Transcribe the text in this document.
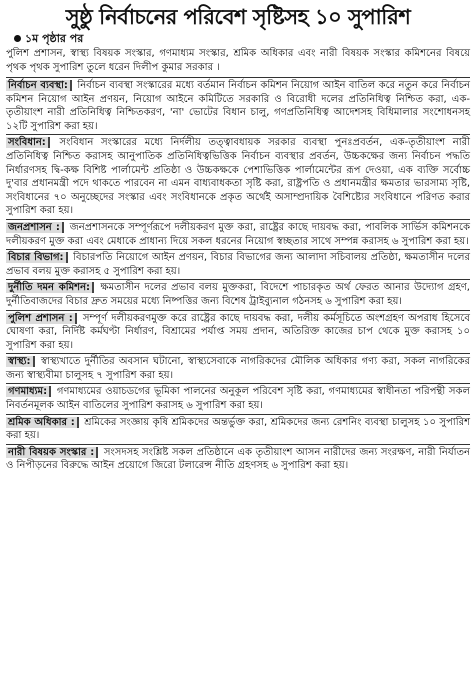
সুষ্ঠু নির্বাচনের পরিবেশ সৃষ্টিসহ ১০ সুপারিশ
১ম পৃষ্ঠার পর

পুলিশ প্রশাসন, স্বাস্থ্য বিষয়ক সংস্কার, গণমাধ্যম সংস্কার, শ্রমিক অধিকার এবং নারী বিষয়ক সংস্কার কমিশনের বিষয়ে পৃথক পৃথক সুপারিশ তুলে ধরেন দিলীপ কুমার সরকার ।

নির্বাচন ব্যবস্থা: নির্বাচন ব্যবস্থা সংস্কারের মধ্যে বর্তমান নির্বাচন কমিশন নিয়োগ আইন বাতিল করে নতুন করে নির্বাচন কমিশন নিয়োগ আইন প্রণয়ন, নিয়োগ আইনে কমিটিতে সরকারি ও বিরোধী দলের প্রতিনিধিত্ব নিশ্চিত করা, এক-তৃতীয়াংশ নারী প্রতিনিধিত্ব নিশ্চিতকরণ, 'না' ভোটের বিধান চালু, গণপ্রতিনিধিত্ব আদেশসহ বিধিমালার সংশোধনসহ ১২টি সুপারিশ করা হয়।

সংবিধান: সংবিধান সংস্কারের মধ্যে নির্দলীয় তত্ত্বাবধায়ক সরকার ব্যবস্থা পুনঃপ্রবর্তন, এক-তৃতীয়াংশ নারী প্রতিনিধিত্ব নিশ্চিত করাসহ আনুপাতিক প্রতিনিধিত্বভিত্তিক নির্বাচন ব্যবস্থার প্রবর্তন, উচ্চকক্ষের জন্য নির্বাচন পদ্ধতি নির্ধারণসহ দ্বি-কক্ষ বিশিষ্ট পার্লামেন্ট প্রতিষ্ঠা ও উচ্চকক্ষকে পেশাভিত্তিক পার্লামেন্টের রূপ দেওয়া, এক ব্যক্তি সর্বোচ্চ দু'বার প্রধানমন্ত্রী পদে থাকতে পারবেন না এমন বাধ্যবাধকতা সৃষ্টি করা, রাষ্ট্রপতি ও প্রধানমন্ত্রীর ক্ষমতার ভারসাম্য সৃষ্টি, সংবিধানের ৭০ অনুচ্ছেদের সংস্কার এবং সংবিধানকে প্রকৃত অর্থেই অসাম্প্রদায়িক বৈশিষ্ট্যের সংবিধানে পরিণত করার সুপারিশ করা হয়।

জনপ্রশাসন : জনপ্রশাসনকে সম্পূর্ণরূপে দলীয়করণ মুক্ত করা, রাষ্ট্রের কাছে দায়বদ্ধ করা, পাবলিক সার্ভিস কমিশনকে দলীয়করণ মুক্ত করা এবং মেধাকে প্রাধান্য দিয়ে সকল ধরনের নিয়োগ স্বচ্ছতার সাথে সম্পন্ন করাসহ ৬ সুপারিশ করা হয়।

বিচার বিভাগ: বিচারপতি নিয়োগে আইন প্রণয়ন, বিচার বিভাগের জন্য আলাদা সচিবালয় প্রতিষ্ঠা, ক্ষমতাসীন দলের প্রভাব বলয় মুক্ত করাসহ ৫ সুপারিশ করা হয়।

দুর্নীতি দমন কমিশন: ক্ষমতাসীন দলের প্রভাব বলয় মুক্তকরা, বিদেশে পাচারকৃত অর্থ ফেরত আনার উদ্যোগ গ্রহণ, দুর্নীতিবাজদের বিচার দ্রুত সময়ের মধ্যে নিষ্পত্তির জন্য বিশেষ ট্রাইব্যুনাল গঠনসহ ৬ সুপারিশ করা হয়।

পুলিশ প্রশাসন : সম্পূর্ণ দলীয়করণমুক্ত করে রাষ্ট্রের কাছে দায়বদ্ধ করা, দলীয় কর্মসূচিতে অংশগ্রহণ অপরাধ হিসেবে ঘোষণা করা, নির্দিষ্ট কর্মঘণ্টা নির্ধারণ, বিশ্রামের পর্যাপ্ত সময় প্রদান, অতিরিক্ত কাজের চাপ থেকে মুক্ত করাসহ ১০ সুপারিশ করা হয়।

স্বাস্থ্য: স্বাস্থ্যখাতে দুর্নীতির অবসান ঘটানো, স্বাস্থ্যসেবাকে নাগরিকদের মৌলিক অধিকার গণ্য করা, সকল নাগরিকের জন্য স্বাস্থ্যবীমা চালুসহ ৭ সুপারিশ করা হয়।

গণমাধ্যম: গণমাধ্যমের ওয়াচডগের ভূমিকা পালনের অনুকূল পরিবেশ সৃষ্টি করা, গণমাধ্যমের স্বাধীনতা পরিপন্থী সকল নিবর্তনমূলক আইন বাতিলের সুপারিশ করাসহ ৬ সুপারিশ করা হয়।

শ্রমিক অধিকার : শ্রমিকের সংজ্ঞায় কৃষি শ্রমিকদের অন্তর্ভুক্ত করা, শ্রমিকদের জন্য রেশনিং ব্যবস্থা চালুসহ ১০ সুপারিশ করা হয়।

নারী বিষয়ক সংস্কার : সংসদসহ সংশ্লিষ্ট সকল প্রতিষ্ঠানে এক তৃতীয়াংশ আসন নারীদের জন্য সংরক্ষণ, নারী নির্যাতন ও নিপীড়নের বিরুদ্ধে আইন প্রয়োগে জিরো টলারেন্স নীতি গ্রহণসহ ৬ সুপারিশ করা হয়।
